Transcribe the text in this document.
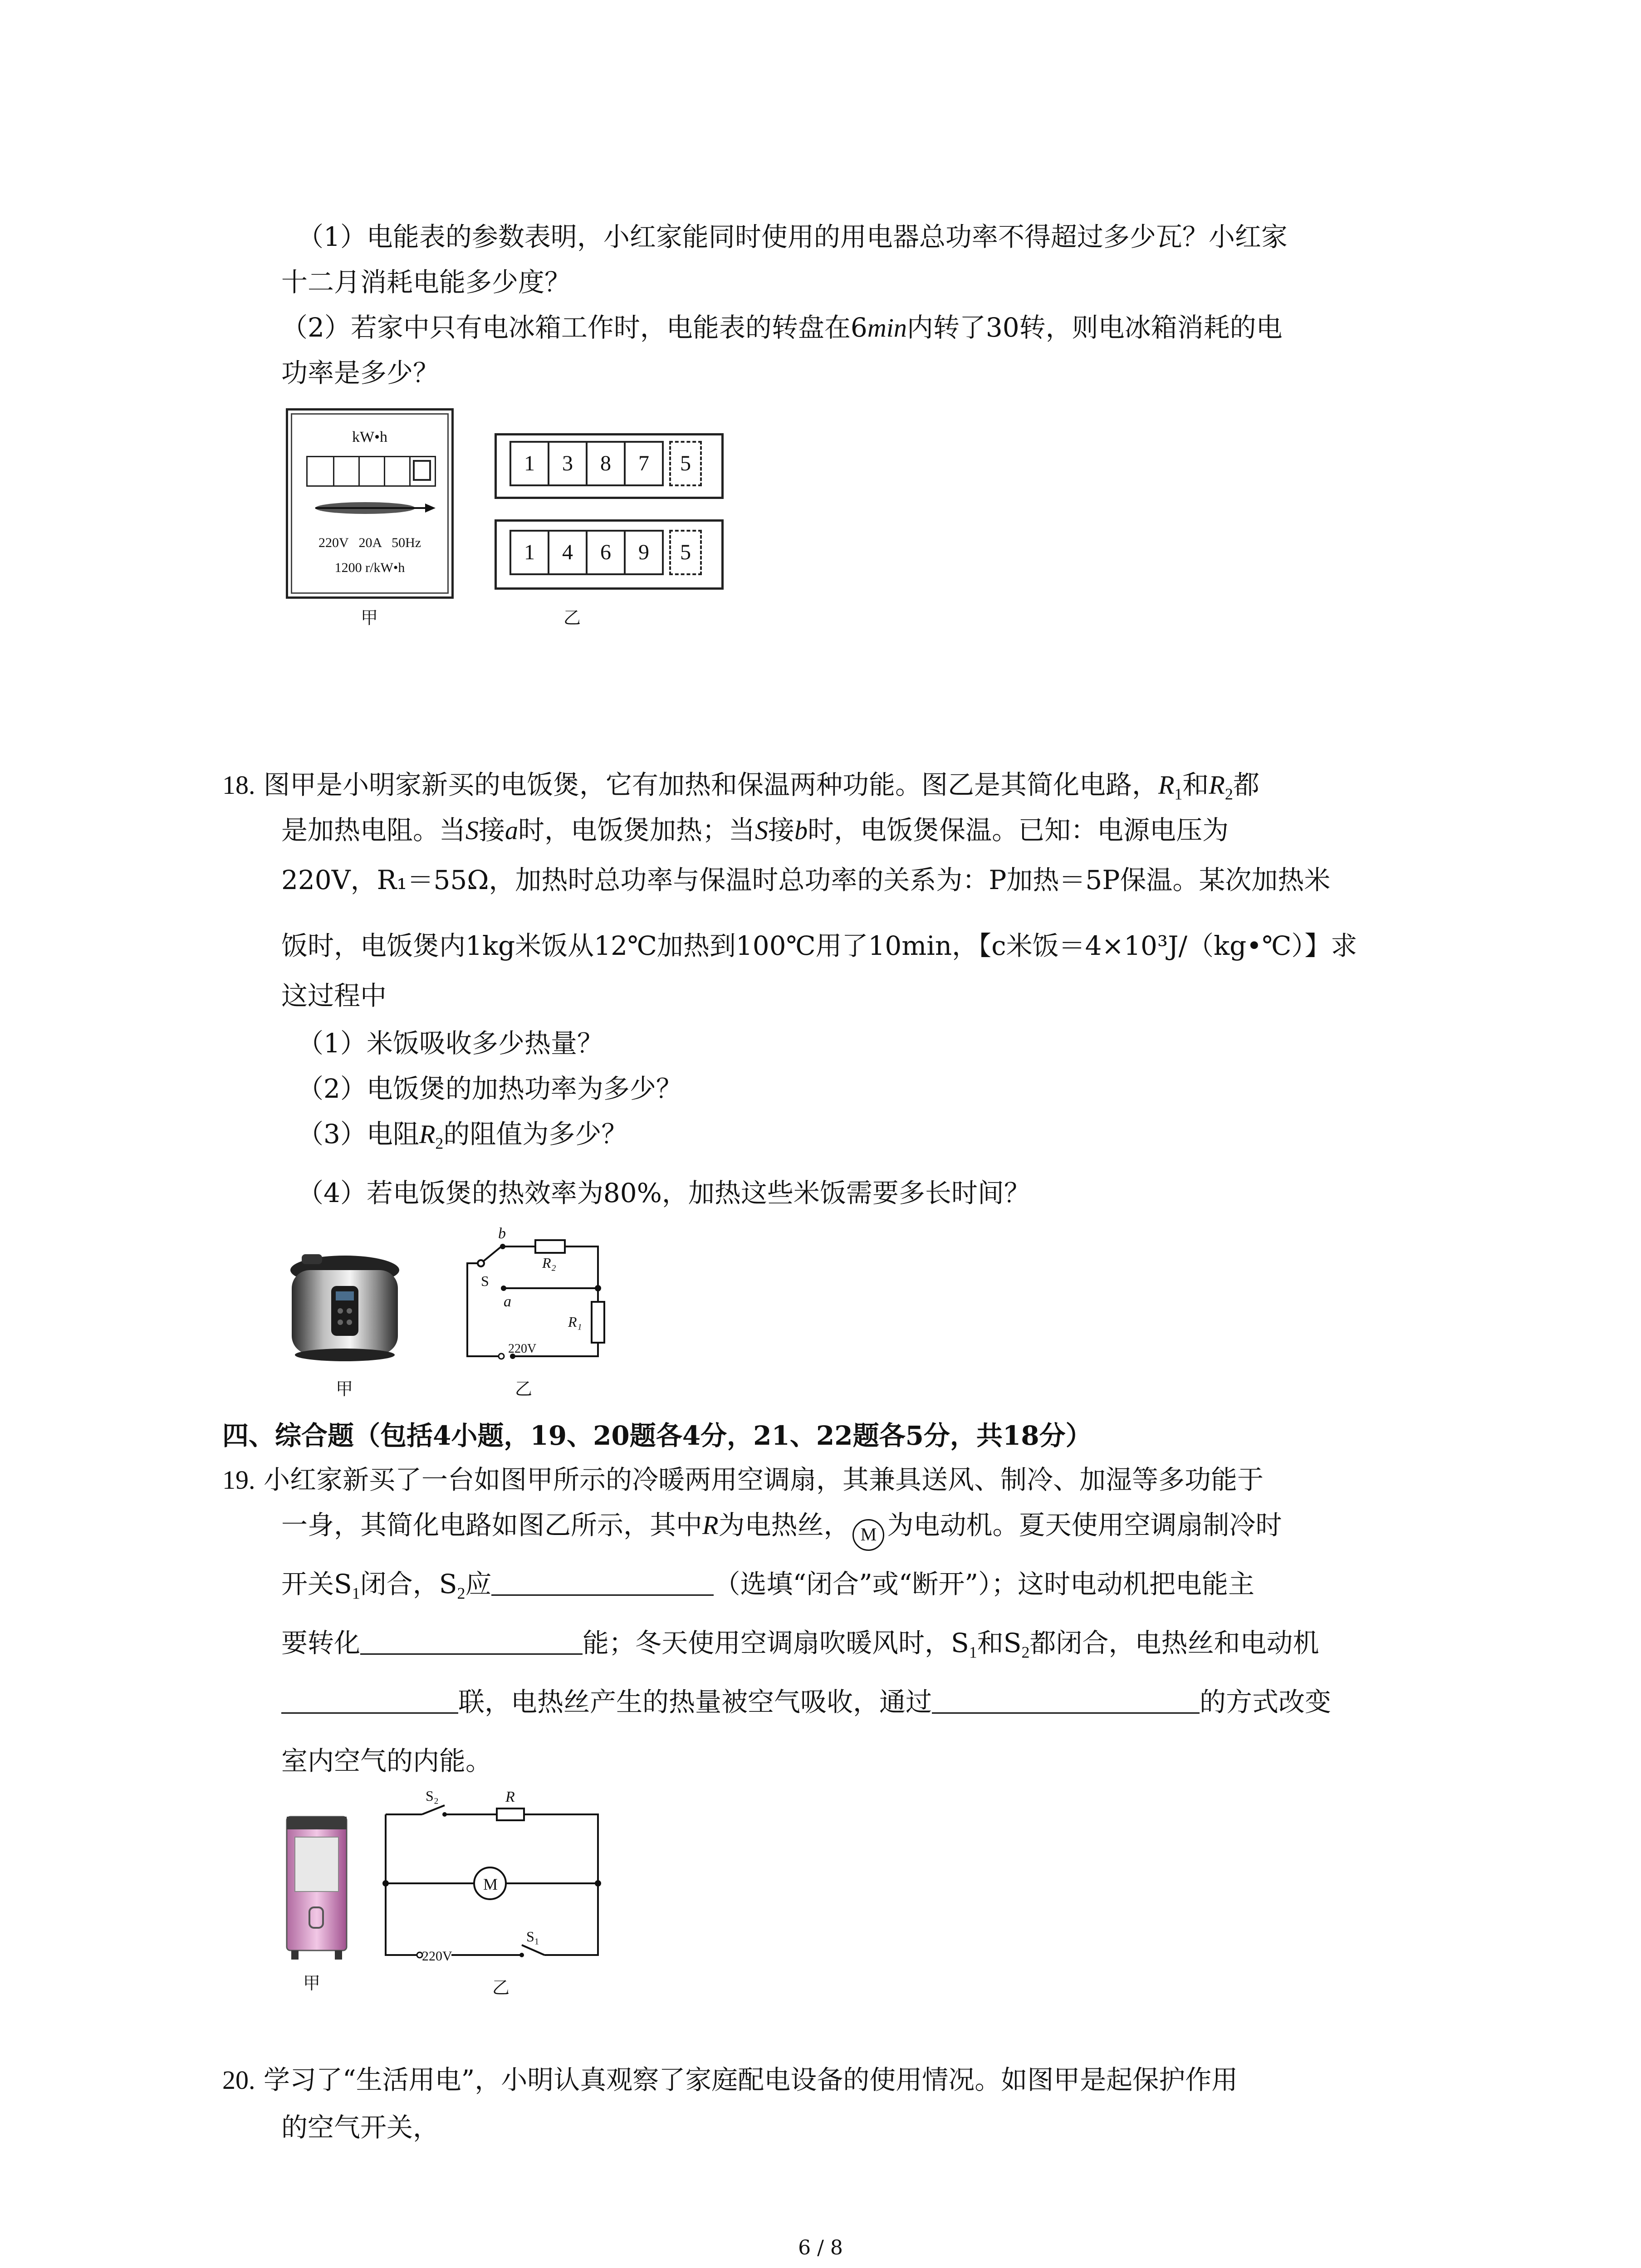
（1）电能表的参数表明，小红家能同时使用的用电器总功率不得超过多少瓦？小红家
十二月消耗电能多少度？
（2）若家中只有电冰箱工作时，电能表的转盘在6min内转了30转，则电冰箱消耗的电
功率是多少？
kW•h
220V   20A   50Hz
1200 r/kW•h
甲
1	3	8	7	5
1	4	6	9	5
乙
18. 图甲是小明家新买的电饭煲，它有加热和保温两种功能。图乙是其简化电路，$R_1$和$R_2$都
是加热电阻。当S接a时，电饭煲加热；当S接b时，电饭煲保温。已知：电源电压为
220V，R₁＝55Ω，加热时总功率与保温时总功率的关系为：P加热＝5P保温。某次加热米
饭时，电饭煲内1kg米饭从12℃加热到100℃用了10min，【c米饭＝4×10³J/（kg•℃）】求
这过程中
（1）米饭吸收多少热量？
（2）电饭煲的加热功率为多少？
（3）电阻$R_2$的阻值为多少？
（4）若电饭煲的热效率为80%，加热这些米饭需要多长时间？
甲
b
S
a
R₂
R₁
220V
乙
四、综合题（包括4小题，19、20题各4分，21、22题各5分，共18分）
19. 小红家新买了一台如图甲所示的冷暖两用空调扇，其兼具送风、制冷、加湿等多功能于
一身，其简化电路如图乙所示，其中R为电热丝， M 为电动机。夏天使用空调扇制冷时
开关$S_1$闭合，$S_2$应	（选填“闭合”或“断开”）；这时电动机把电能主
要转化	能；冬天使用空调扇吹暖风时，$S_1$和$S_2$都闭合，电热丝和电动机
联，电热丝产生的热量被空气吸收，通过	的方式改变
室内空气的内能。
甲
S₂	R
M
220V
S₁
乙
20. 学习了“生活用电”，小明认真观察了家庭配电设备的使用情况。如图甲是起保护作用
的空气开关，
6 / 8
